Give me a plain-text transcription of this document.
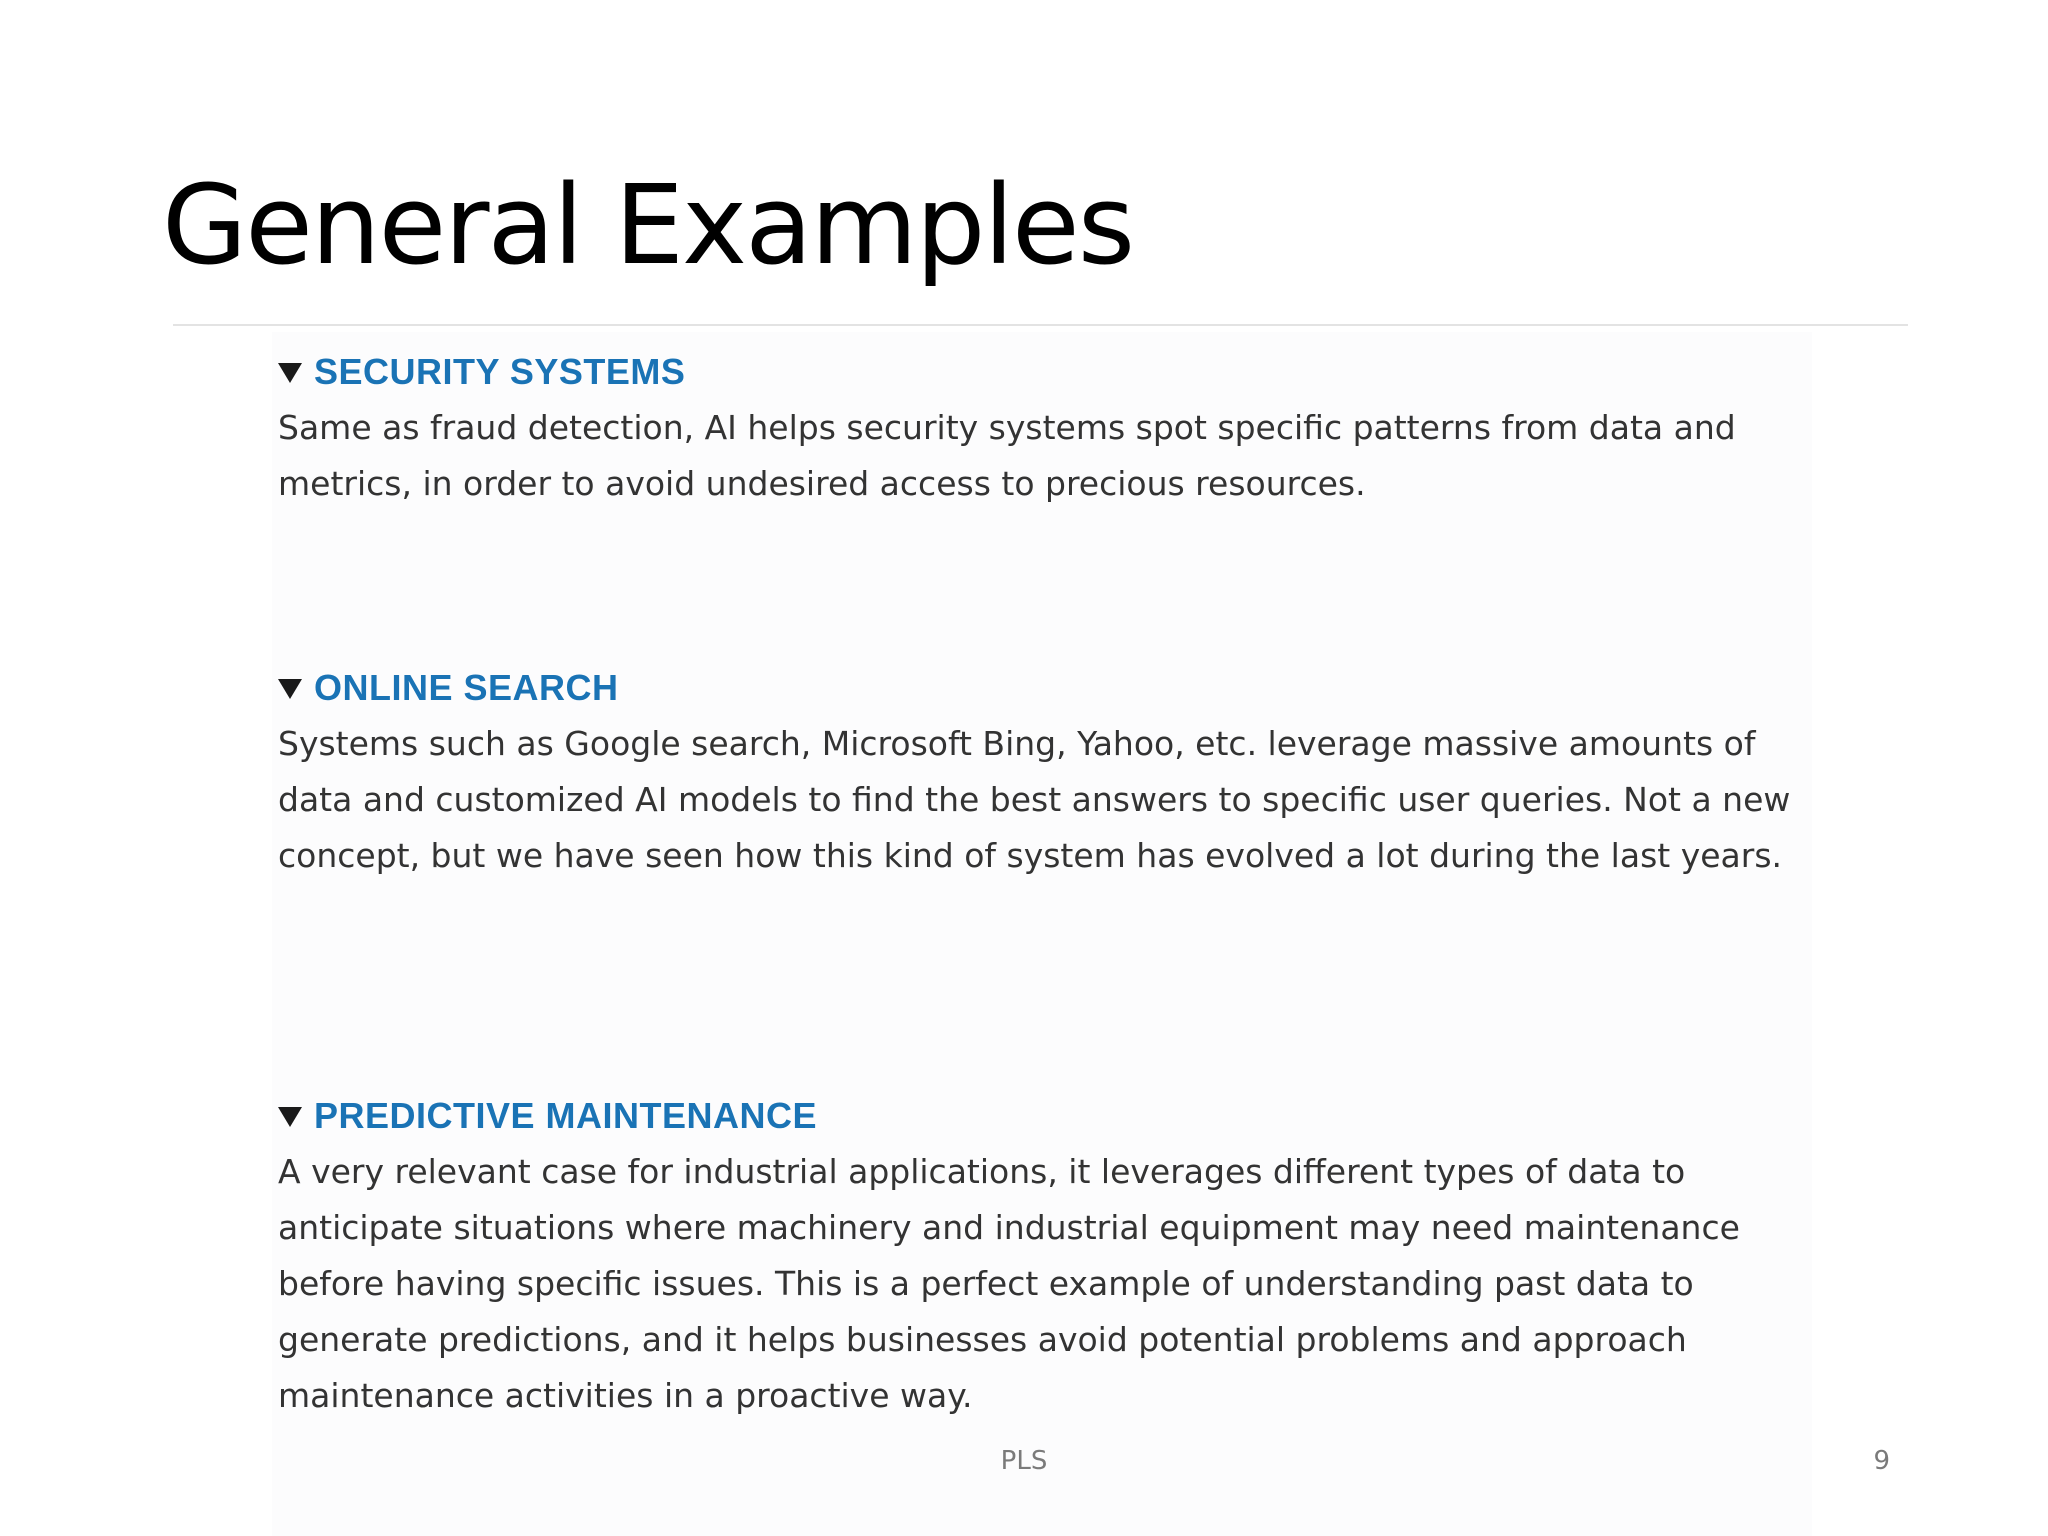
General Examples
SECURITY SYSTEMS

Same as fraud detection, AI helps security systems spot specific patterns from data and metrics, in order to avoid undesired access to precious resources.

ONLINE SEARCH

Systems such as Google search, Microsoft Bing, Yahoo, etc. leverage massive amounts of data and customized AI models to find the best answers to specific user queries. Not a new concept, but we have seen how this kind of system has evolved a lot during the last years.

PREDICTIVE MAINTENANCE

A very relevant case for industrial applications, it leverages different types of data to anticipate situations where machinery and industrial equipment may need maintenance before having specific issues. This is a perfect example of understanding past data to generate predictions, and it helps businesses avoid potential problems and approach maintenance activities in a proactive way.

PLS	9
